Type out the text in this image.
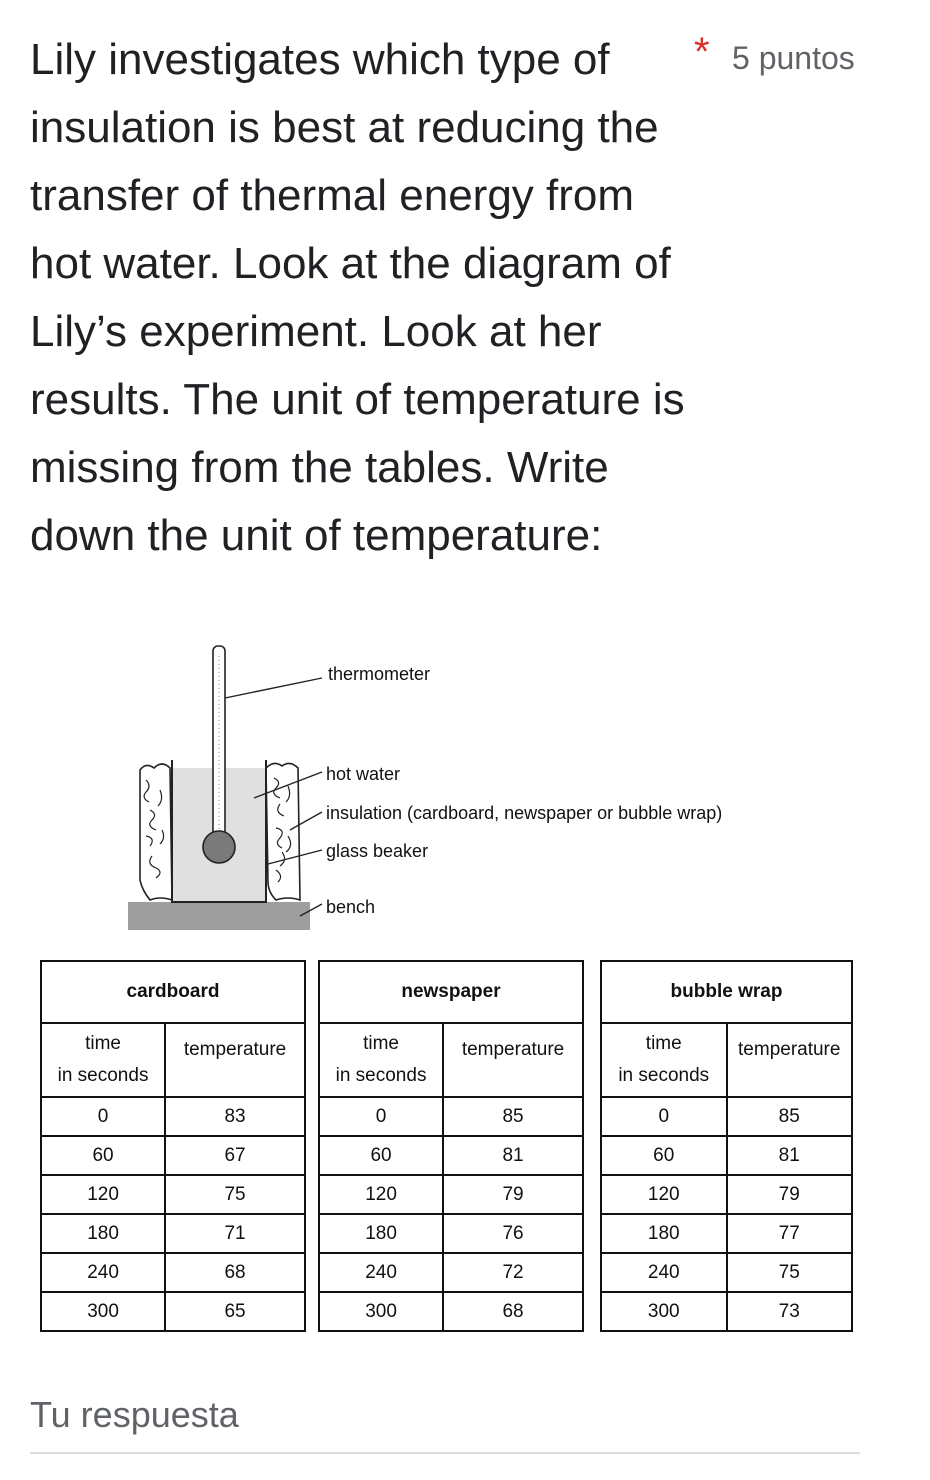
Lily investigates which type of insulation is best at reducing the transfer of thermal energy from hot water. Look at the diagram of Lily’s experiment. Look at her results. The unit of temperature is missing from the tables. Write down the unit of temperature:
* 5 puntos
thermometer
hot water
insulation (cardboard, newspaper or bubble wrap)
glass beaker
bench
cardboard	
time
in seconds	temperature
0	83
60	67
120	75
180	71
240	68
300	65
newspaper	
time
in seconds	temperature
0	85
60	81
120	79
180	76
240	72
300	68
bubble wrap	
time
in seconds	temperature
0	85
60	81
120	79
180	77
240	75
300	73
Tu respuesta
